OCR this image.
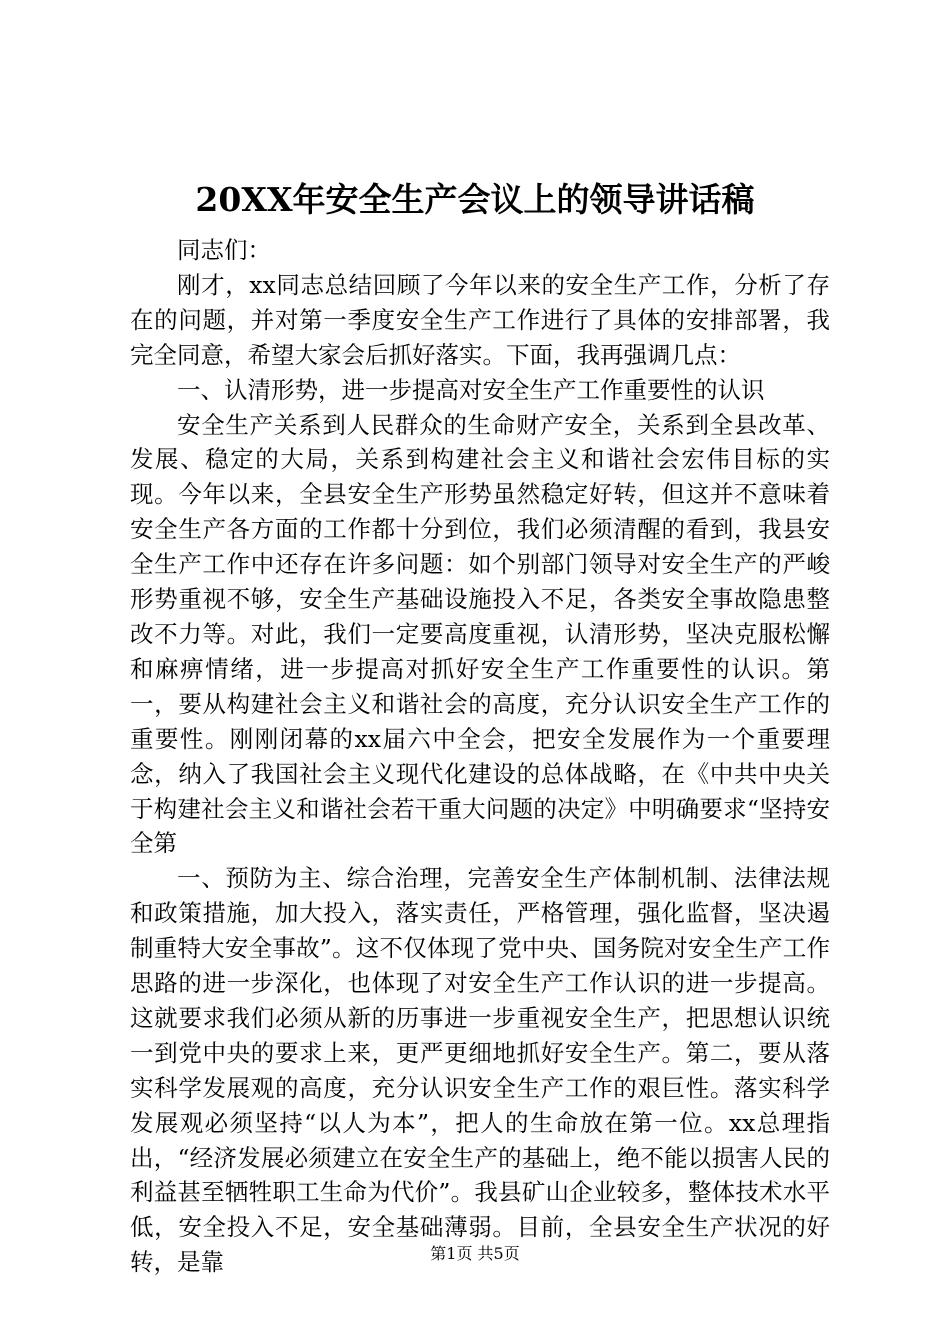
20XX年安全生产会议上的领导讲话稿

同志们：

刚才，xx同志总结回顾了今年以来的安全生产工作，分析了存在的问题，并对第一季度安全生产工作进行了具体的安排部署，我完全同意，希望大家会后抓好落实。下面，我再强调几点：

一、认清形势，进一步提高对安全生产工作重要性的认识

安全生产关系到人民群众的生命财产安全，关系到全县改革、发展、稳定的大局，关系到构建社会主义和谐社会宏伟目标的实现。今年以来，全县安全生产形势虽然稳定好转，但这并不意味着安全生产各方面的工作都十分到位，我们必须清醒的看到，我县安全生产工作中还存在许多问题：如个别部门领导对安全生产的严峻形势重视不够，安全生产基础设施投入不足，各类安全事故隐患整改不力等。对此，我们一定要高度重视，认清形势，坚决克服松懈和麻痹情绪，进一步提高对抓好安全生产工作重要性的认识。第一，要从构建社会主义和谐社会的高度，充分认识安全生产工作的重要性。刚刚闭幕的xx届六中全会，把安全发展作为一个重要理念，纳入了我国社会主义现代化建设的总体战略，在《中共中央关于构建社会主义和谐社会若干重大问题的决定》中明确要求“坚持安全第

一、预防为主、综合治理，完善安全生产体制机制、法律法规和政策措施，加大投入，落实责任，严格管理，强化监督，坚决遏制重特大安全事故”。这不仅体现了党中央、国务院对安全生产工作思路的进一步深化，也体现了对安全生产工作认识的进一步提高。这就要求我们必须从新的历事进一步重视安全生产，把思想认识统一到党中央的要求上来，更严更细地抓好安全生产。第二，要从落实科学发展观的高度，充分认识安全生产工作的艰巨性。落实科学发展观必须坚持“以人为本”，把人的生命放在第一位。xx总理指出，“经济发展必须建立在安全生产的基础上，绝不能以损害人民的利益甚至牺牲职工生命为代价”。我县矿山企业较多，整体技术水平低，安全投入不足，安全基础薄弱。目前，全县安全生产状况的好转，是靠	第1页 共5页
